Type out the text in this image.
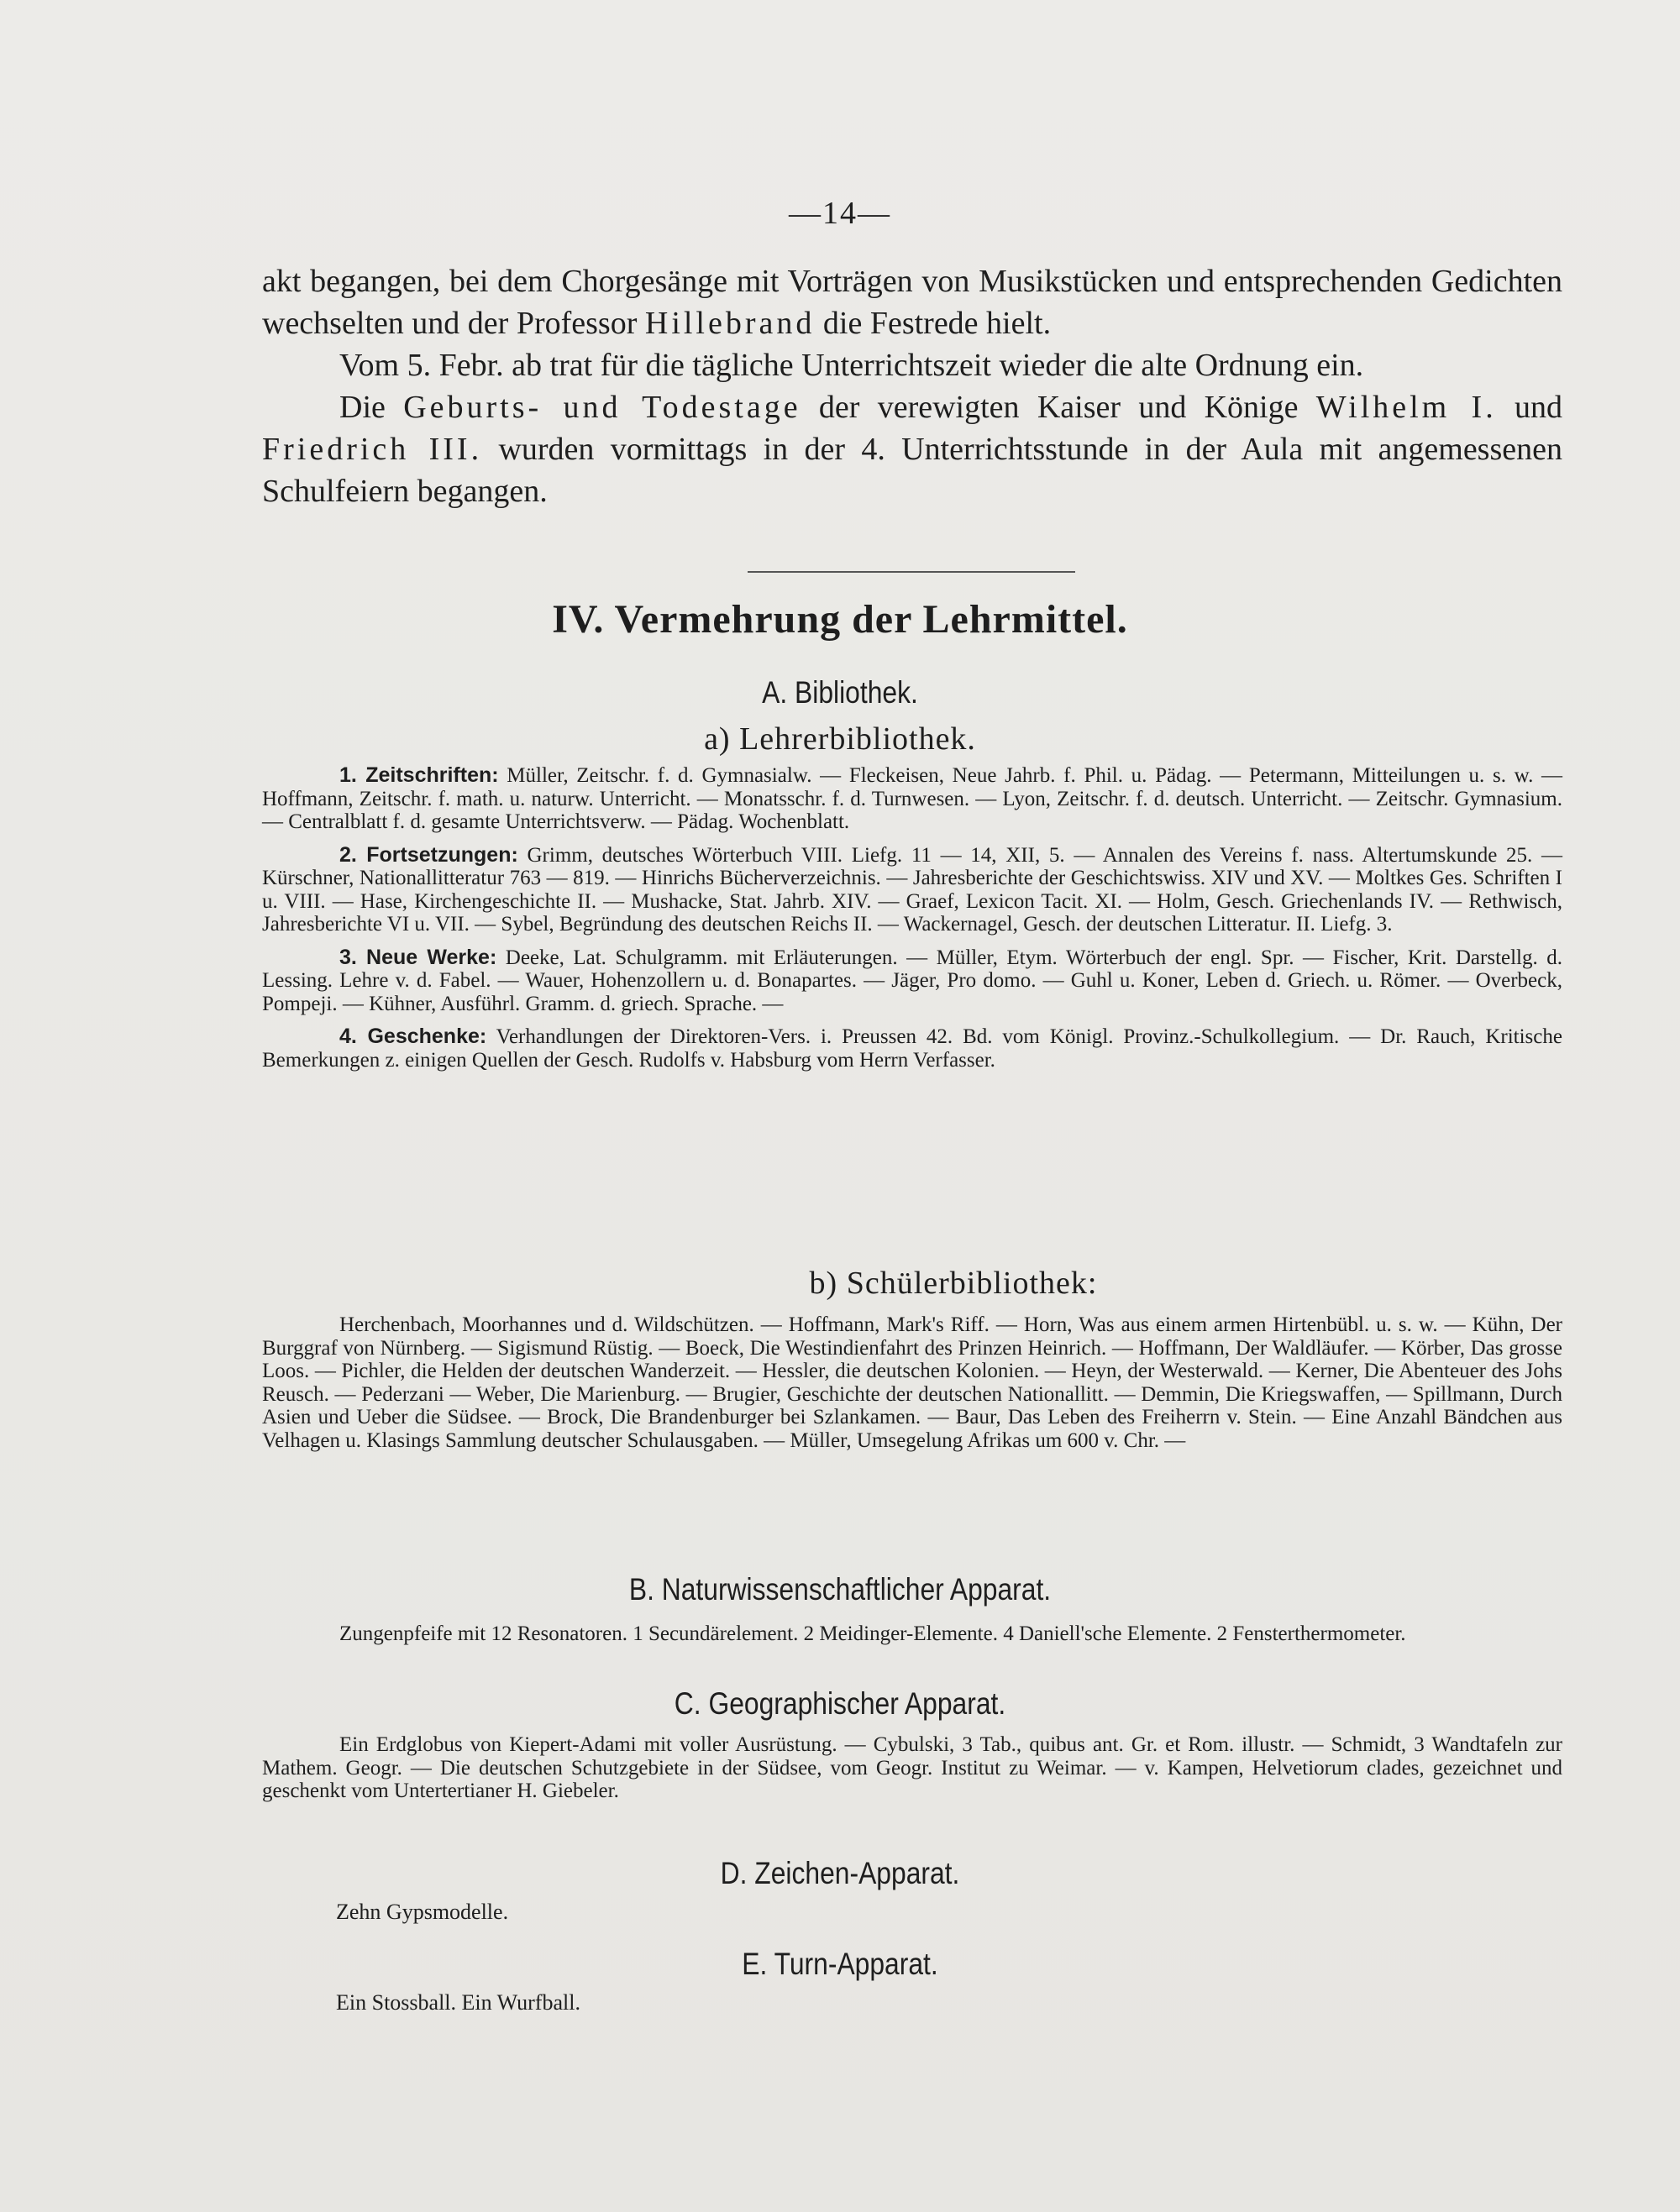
—14—

akt begangen, bei dem Chorgesänge mit Vorträgen von Musikstücken und entsprechenden Gedichten wechselten und der Professor Hillebrand die Festrede hielt.

Vom 5. Febr. ab trat für die tägliche Unterrichtszeit wieder die alte Ordnung ein.

Die Geburts- und Todestage der verewigten Kaiser und Könige Wilhelm I. und Friedrich III. wurden vormittags in der 4. Unterrichtsstunde in der Aula mit angemessenen Schulfeiern begangen.

IV. Vermehrung der Lehrmittel.
A. Bibliothek.
a) Lehrerbibliothek.

1. Zeitschriften: Müller, Zeitschr. f. d. Gymnasialw. — Fleckeisen, Neue Jahrb. f. Phil. u. Pädag. — Petermann, Mitteilungen u. s. w. — Hoffmann, Zeitschr. f. math. u. naturw. Unterricht. — Monatsschr. f. d. Turnwesen. — Lyon, Zeitschr. f. d. deutsch. Unterricht. — Zeitschr. Gymnasium. — Centralblatt f. d. gesamte Unterrichtsverw. — Pädag. Wochenblatt.

2. Fortsetzungen: Grimm, deutsches Wörterbuch VIII. Liefg. 11 — 14, XII, 5. — Annalen des Vereins f. nass. Altertumskunde 25. — Kürschner, Nationallitteratur 763 — 819. — Hinrichs Bücherverzeichnis. — Jahresberichte der Geschichtswiss. XIV und XV. — Moltkes Ges. Schriften I u. VIII. — Hase, Kirchengeschichte II. — Mushacke, Stat. Jahrb. XIV. — Graef, Lexicon Tacit. XI. — Holm, Gesch. Griechenlands IV. — Rethwisch, Jahresberichte VI u. VII. — Sybel, Begründung des deutschen Reichs II. — Wackernagel, Gesch. der deutschen Litteratur. II. Liefg. 3.

3. Neue Werke: Deeke, Lat. Schulgramm. mit Erläuterungen. — Müller, Etym. Wörterbuch der engl. Spr. — Fischer, Krit. Darstellg. d. Lessing. Lehre v. d. Fabel. — Wauer, Hohenzollern u. d. Bonapartes. — Jäger, Pro domo. — Guhl u. Koner, Leben d. Griech. u. Römer. — Overbeck, Pompeji. — Kühner, Ausführl. Gramm. d. griech. Sprache. —

4. Geschenke: Verhandlungen der Direktoren-Vers. i. Preussen 42. Bd. vom Königl. Provinz.-Schulkollegium. — Dr. Rauch, Kritische Bemerkungen z. einigen Quellen der Gesch. Rudolfs v. Habsburg vom Herrn Verfasser.

b) Schülerbibliothek:

Herchenbach, Moorhannes und d. Wildschützen. — Hoffmann, Mark's Riff. — Horn, Was aus einem armen Hirtenbübl. u. s. w. — Kühn, Der Burggraf von Nürnberg. — Sigismund Rüstig. — Boeck, Die Westindienfahrt des Prinzen Heinrich. — Hoffmann, Der Waldläufer. — Körber, Das grosse Loos. — Pichler, die Helden der deutschen Wanderzeit. — Hessler, die deutschen Kolonien. — Heyn, der Westerwald. — Kerner, Die Abenteuer des Johs Reusch. — Pederzani — Weber, Die Marienburg. — Brugier, Geschichte der deutschen Nationallitt. — Demmin, Die Kriegswaffen, — Spillmann, Durch Asien und Ueber die Südsee. — Brock, Die Brandenburger bei Szlankamen. — Baur, Das Leben des Freiherrn v. Stein. — Eine Anzahl Bändchen aus Velhagen u. Klasings Sammlung deutscher Schulausgaben. — Müller, Umsegelung Afrikas um 600 v. Chr. —

B. Naturwissenschaftlicher Apparat.

Zungenpfeife mit 12 Resonatoren. 1 Secundärelement. 2 Meidinger-Elemente. 4 Daniell'sche Elemente. 2 Fensterthermometer.

C. Geographischer Apparat.

Ein Erdglobus von Kiepert-Adami mit voller Ausrüstung. — Cybulski, 3 Tab., quibus ant. Gr. et Rom. illustr. — Schmidt, 3 Wandtafeln zur Mathem. Geogr. — Die deutschen Schutzgebiete in der Südsee, vom Geogr. Institut zu Weimar. — v. Kampen, Helvetiorum clades, gezeichnet und geschenkt vom Untertertianer H. Giebeler.

D. Zeichen-Apparat.
Zehn Gypsmodelle.
E. Turn-Apparat.
Ein Stossball. Ein Wurfball.
